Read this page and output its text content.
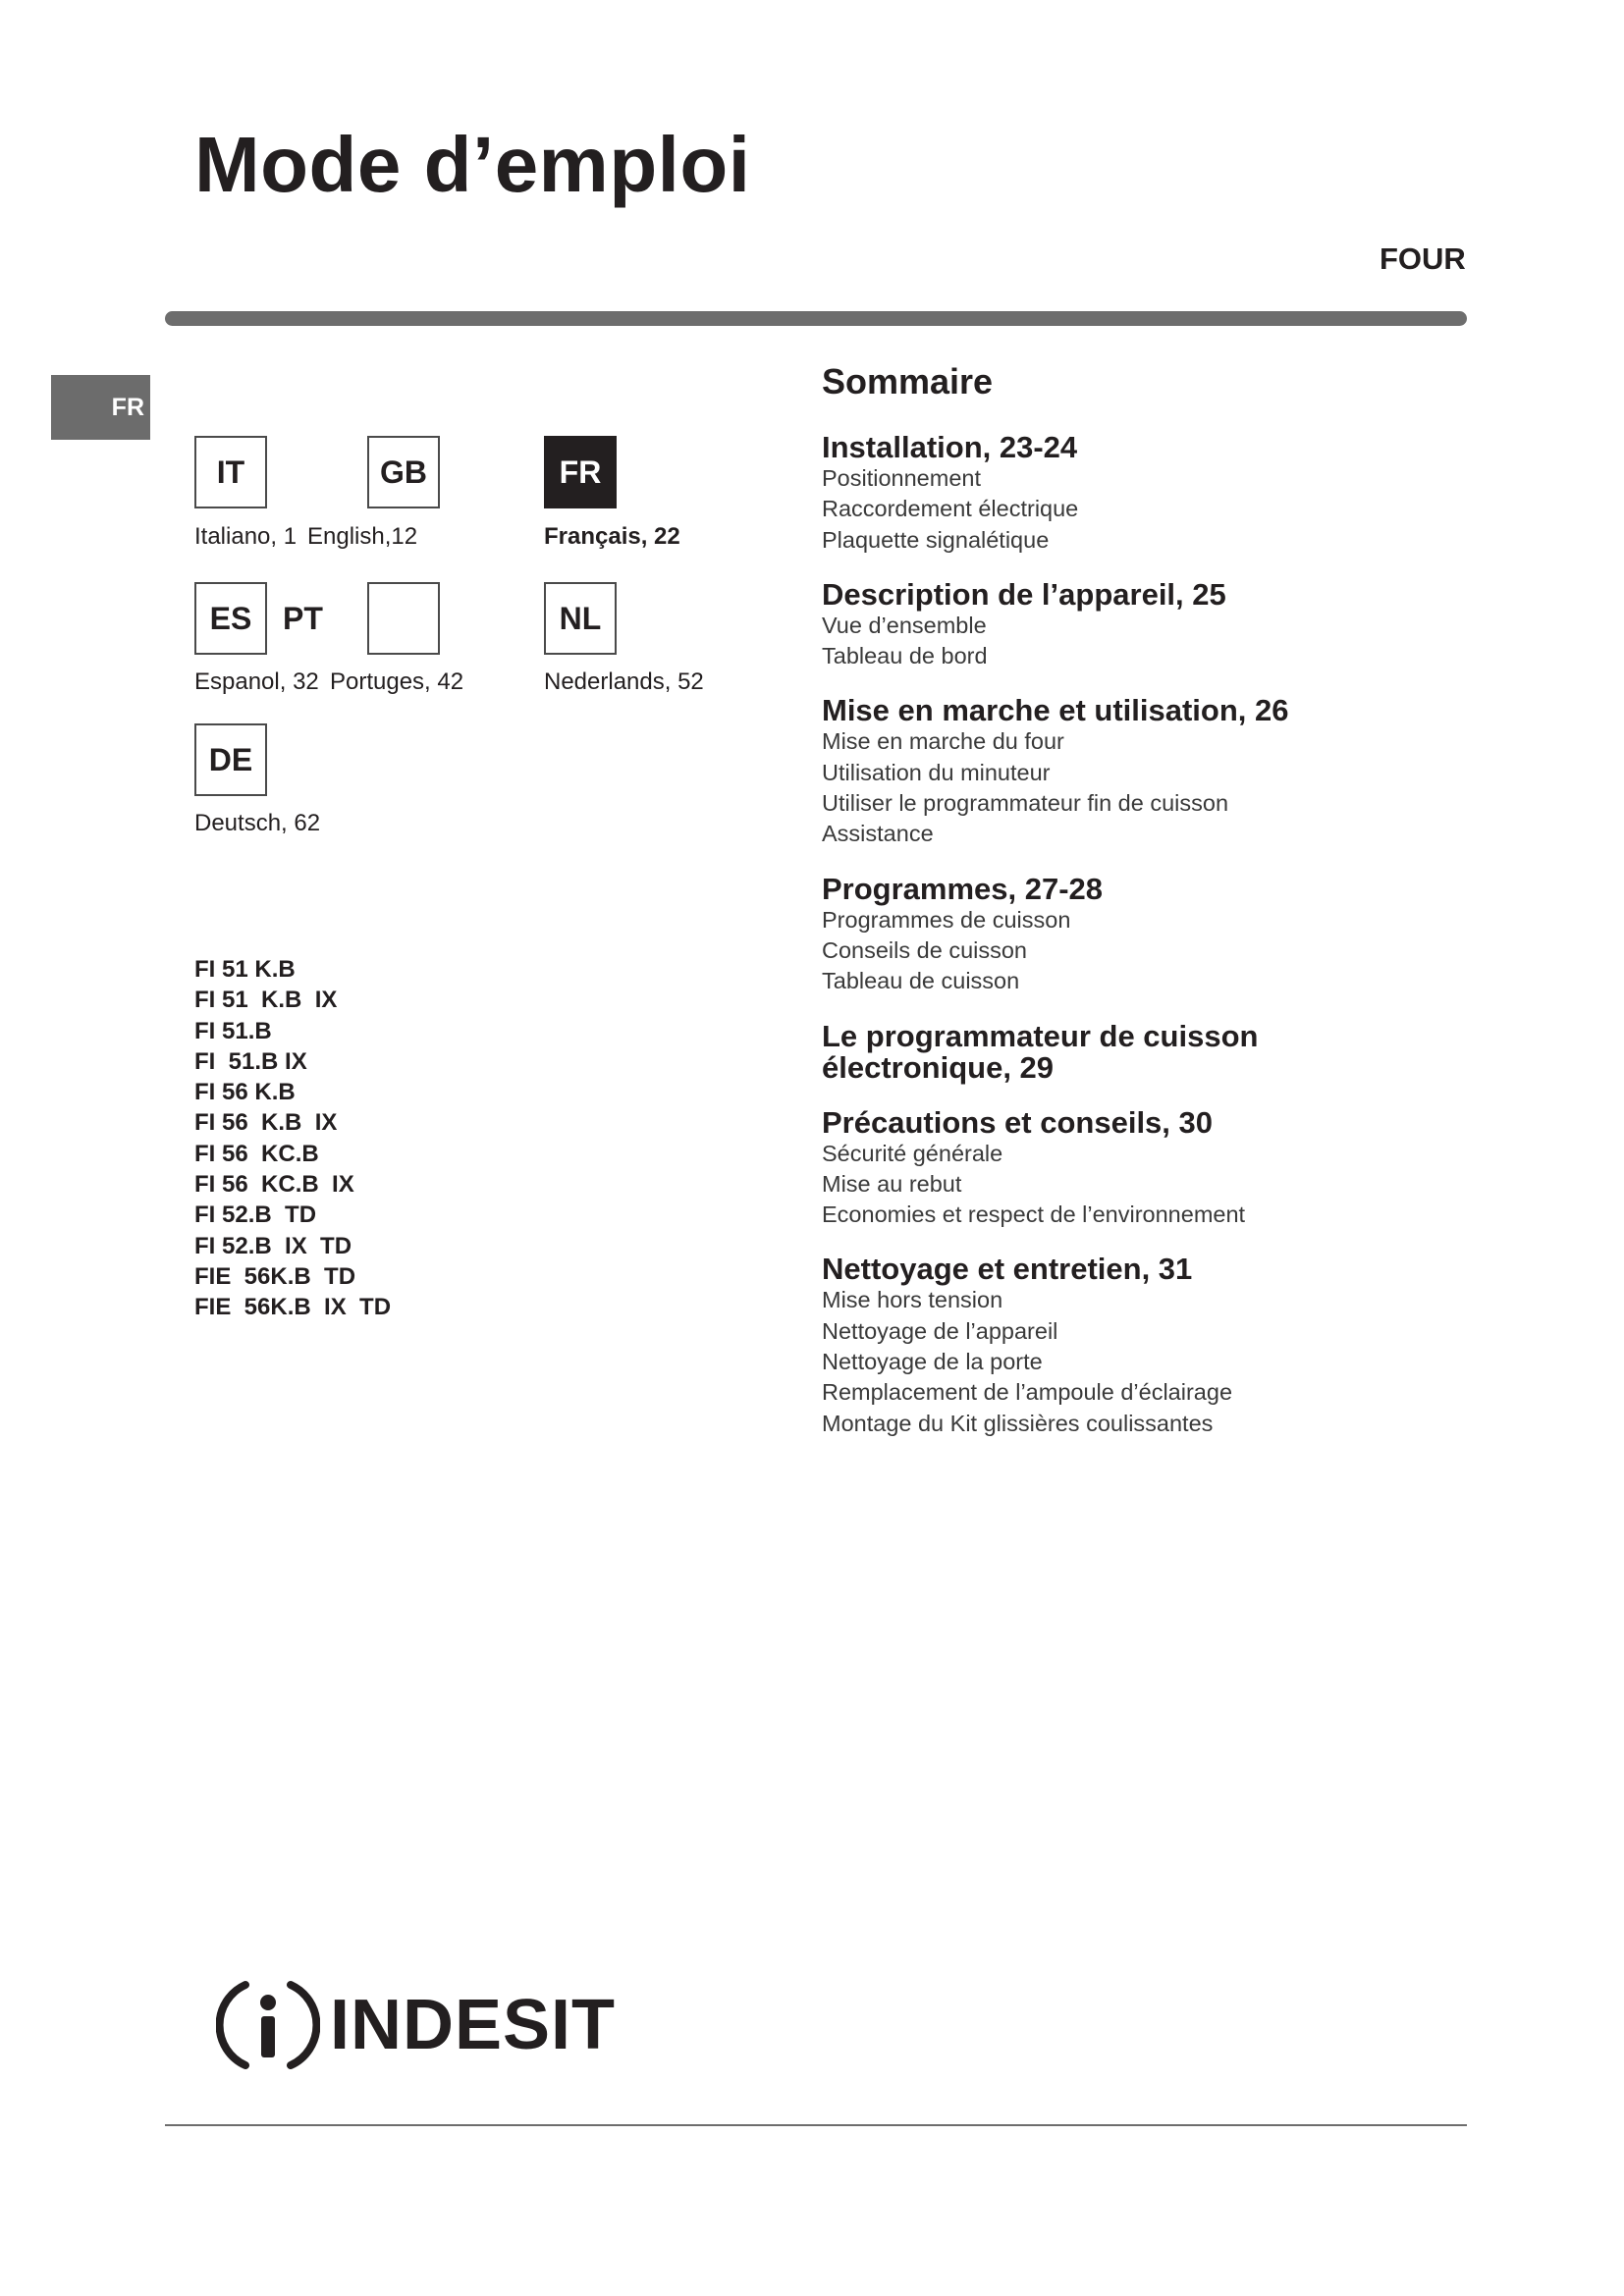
Mode d’emploi
FOUR
FR
IT	GB	FR
Italiano, 1 English,12	Français, 22
ES PT	NL
Espanol, 32 Portuges, 42	Nederlands, 52
DE
Deutsch, 62
FI 51 K.B
FI 51  K.B  IX
FI 51.B
FI  51.B IX
FI 56 K.B
FI 56  K.B  IX
FI 56  KC.B
FI 56  KC.B  IX
FI 52.B  TD
FI 52.B  IX  TD
FIE  56K.B  TD
FIE  56K.B  IX  TD
Sommaire
Installation, 23-24
Positionnement
Raccordement électrique
Plaquette signalétique
Description de l’appareil, 25
Vue d’ensemble
Tableau de bord
Mise en marche et utilisation, 26
Mise en marche du four
Utilisation du minuteur
Utiliser le programmateur fin de cuisson
Assistance
Programmes, 27-28
Programmes de cuisson
Conseils de cuisson
Tableau de cuisson
Le programmateur de cuisson
électronique, 29
Précautions et conseils, 30
Sécurité générale
Mise au rebut
Economies et respect de l’environnement
Nettoyage et entretien, 31
Mise hors tension
Nettoyage de l’appareil
Nettoyage de la porte
Remplacement de l’ampoule d’éclairage
Montage du Kit glissières coulissantes
INDESIT
